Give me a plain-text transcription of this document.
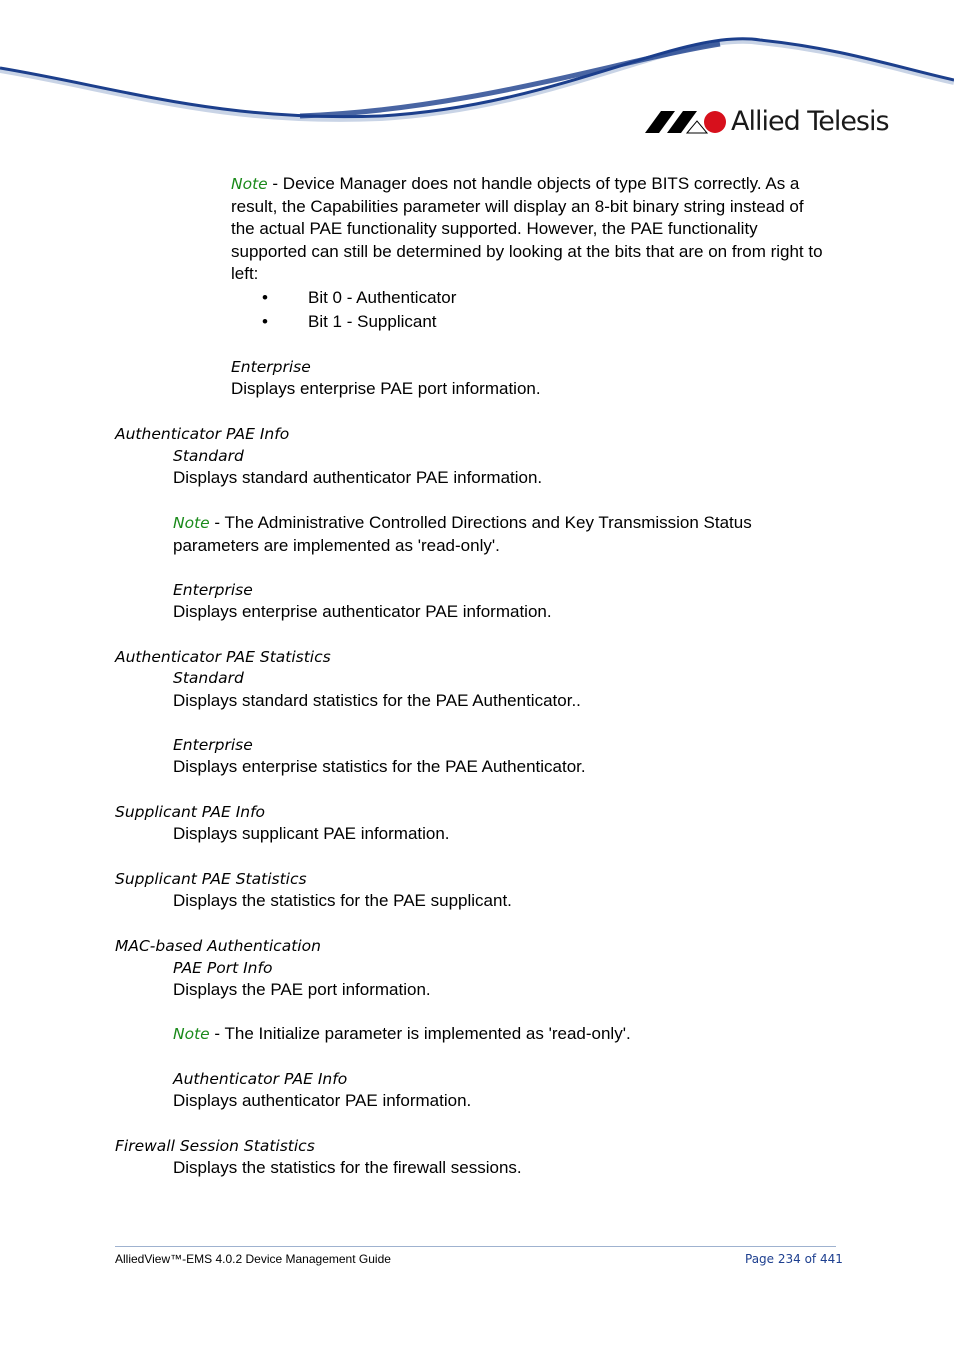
Allied Telesis
Note - Device Manager does not handle objects of type BITS correctly. As a result, the Capabilities parameter will display an 8-bit binary string instead of the actual PAE functionality supported. However, the PAE functionality supported can still be determined by looking at the bits that are on from right to left:
• Bit 0 - Authenticator
• Bit 1 - Supplicant
Enterprise
Displays enterprise PAE port information.
Authenticator PAE Info
Standard
Displays standard authenticator PAE information.
Note - The Administrative Controlled Directions and Key Transmission Status parameters are implemented as 'read-only'.
Enterprise
Displays enterprise authenticator PAE information.
Authenticator PAE Statistics
Standard
Displays standard statistics for the PAE Authenticator..
Enterprise
Displays enterprise statistics for the PAE Authenticator.
Supplicant PAE Info
Displays supplicant PAE information.
Supplicant PAE Statistics
Displays the statistics for the PAE supplicant.
MAC-based Authentication
PAE Port Info
Displays the PAE port information.
Note - The Initialize parameter is implemented as 'read-only'.
Authenticator PAE Info
Displays authenticator PAE information.
Firewall Session Statistics
Displays the statistics for the firewall sessions.
AlliedView™-EMS 4.0.2 Device Management Guide	Page 234 of 441
